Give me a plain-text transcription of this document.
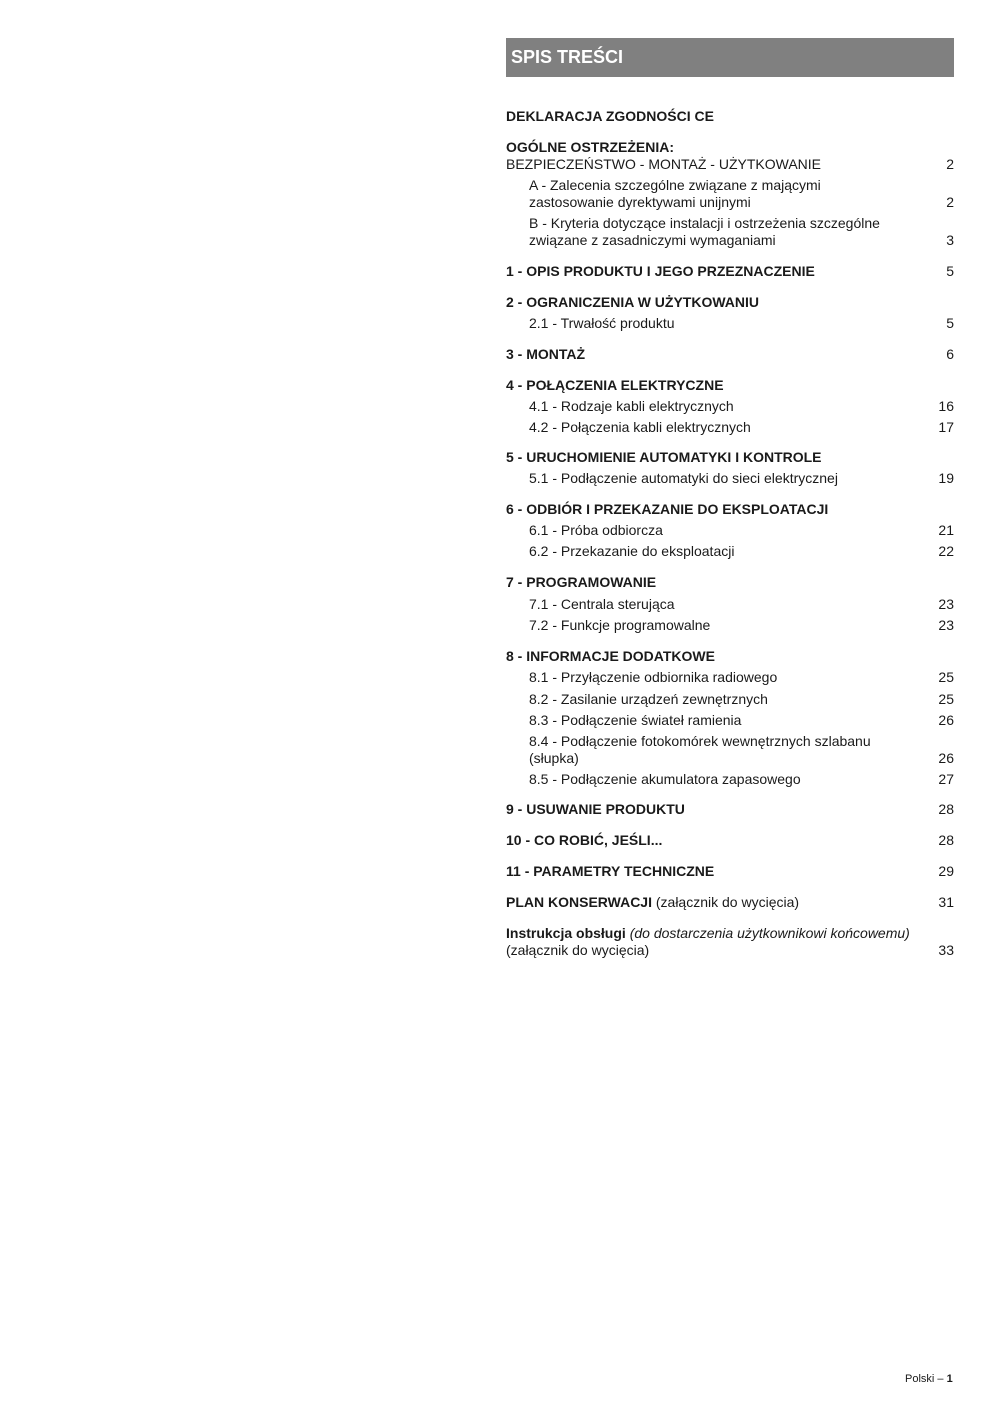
SPIS TREŚCI
DEKLARACJA ZGODNOŚCI CE
OGÓLNE OSTRZEŻENIA:
BEZPIECZEŃSTWO - MONTAŻ - UŻYTKOWANIE	2
A - Zalecenia szczególne związane z mającymi
zastosowanie dyrektywami unijnymi	2
B - Kryteria dotyczące instalacji i ostrzeżenia szczególne
związane z zasadniczymi wymaganiami	3
1 - OPIS PRODUKTU I JEGO PRZEZNACZENIE	5
2 - OGRANICZENIA W UŻYTKOWANIU
2.1 - Trwałość produktu	5
3 - MONTAŻ	6
4 - POŁĄCZENIA ELEKTRYCZNE
4.1 - Rodzaje kabli elektrycznych	16
4.2 - Połączenia kabli elektrycznych	17
5 - URUCHOMIENIE AUTOMATYKI I KONTROLE
5.1 - Podłączenie automatyki do sieci elektrycznej	19
6 - ODBIÓR I PRZEKAZANIE DO EKSPLOATACJI
6.1 - Próba odbiorcza	21
6.2 - Przekazanie do eksploatacji	22
7 - PROGRAMOWANIE
7.1 - Centrala sterująca	23
7.2 - Funkcje programowalne	23
8 - INFORMACJE DODATKOWE
8.1 - Przyłączenie odbiornika radiowego	25
8.2 - Zasilanie urządzeń zewnętrznych	25
8.3 - Podłączenie świateł ramienia	26
8.4 - Podłączenie fotokomórek wewnętrznych szlabanu
(słupka)	26
8.5 - Podłączenie akumulatora zapasowego	27
9 - USUWANIE PRODUKTU	28
10 - CO ROBIĆ, JEŚLI...	28
11 - PARAMETRY TECHNICZNE	29
PLAN KONSERWACJI (załącznik do wycięcia)	31
Instrukcja obsługi (do dostarczenia użytkownikowi końcowemu)
(załącznik do wycięcia)	33
Polski – 1
